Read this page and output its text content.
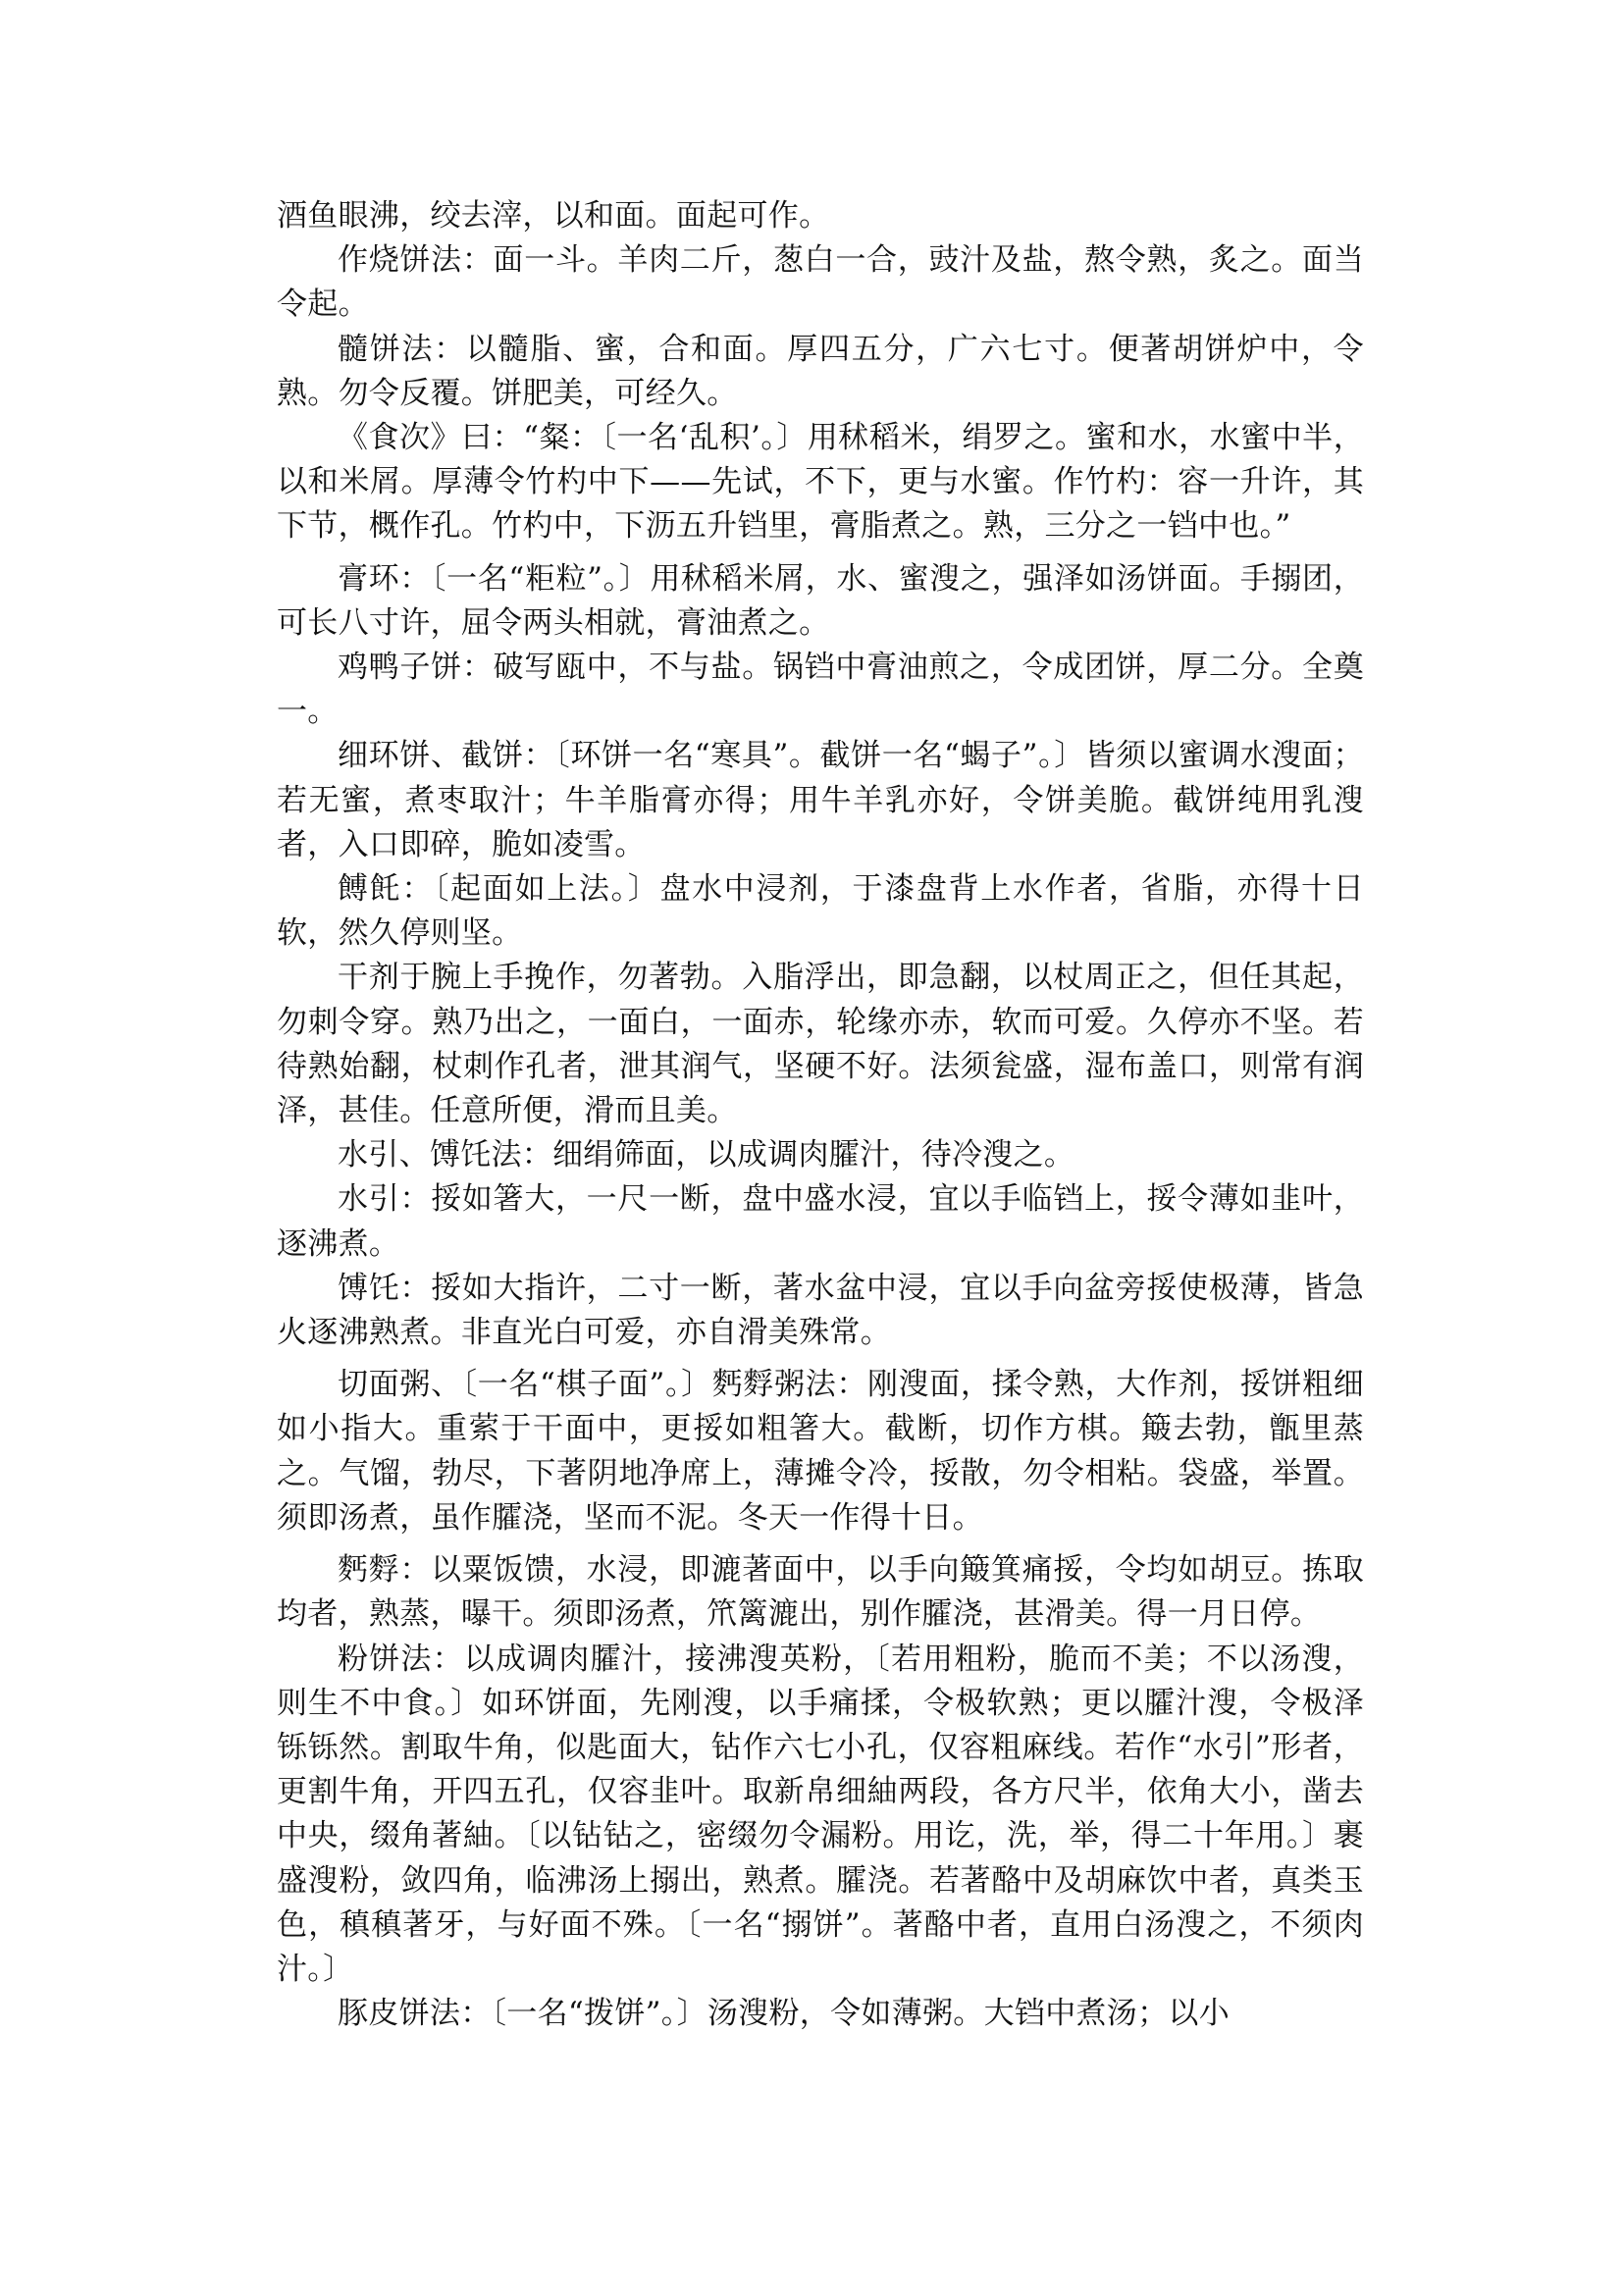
酒鱼眼沸，绞去滓，以和面。面起可作。

作烧饼法：面一斗。羊肉二斤，葱白一合，豉汁及盐，熬令熟，炙之。面当令起。

髓饼法：以髓脂、蜜，合和面。厚四五分，广六七寸。便著胡饼炉中，令熟。勿令反覆。饼肥美，可经久。

《食次》曰：“粲：〔一名‘乱积’。〕用秫稻米，绢罗之。蜜和水，水蜜中半，以和米屑。厚薄令竹杓中下——先试，不下，更与水蜜。作竹杓：容一升许，其下节，概作孔。竹杓中，下沥五升铛里，膏脂煮之。熟，三分之一铛中也。”

膏环：〔一名“粔粒”。〕用秫稻米屑，水、蜜溲之，强泽如汤饼面。手搦团，可长八寸许，屈令两头相就，膏油煮之。

鸡鸭子饼：破写瓯中，不与盐。锅铛中膏油煎之，令成团饼，厚二分。全奠一。

细环饼、截饼：〔环饼一名“寒具”。截饼一名“蝎子”。〕皆须以蜜调水溲面；若无蜜，煮枣取汁；牛羊脂膏亦得；用牛羊乳亦好，令饼美脆。截饼纯用乳溲者，入口即碎，脆如凌雪。

餺飥：〔起面如上法。〕盘水中浸剂，于漆盘背上水作者，省脂，亦得十日软，然久停则坚。

干剂于腕上手挽作，勿著勃。入脂浮出，即急翻，以杖周正之，但任其起，勿刺令穿。熟乃出之，一面白，一面赤，轮缘亦赤，软而可爱。久停亦不坚。若待熟始翻，杖刺作孔者，泄其润气，坚硬不好。法须瓮盛，湿布盖口，则常有润泽，甚佳。任意所便，滑而且美。

水引、馎饦法：细绢筛面，以成调肉臛汁，待冷溲之。

水引：挼如箸大，一尺一断，盘中盛水浸，宜以手临铛上，挼令薄如韭叶，逐沸煮。

馎饦：挼如大指许，二寸一断，著水盆中浸，宜以手向盆旁挼使极薄，皆急火逐沸熟煮。非直光白可爱，亦自滑美殊常。

切面粥、〔一名“棋子面”。〕麫䴸粥法：刚溲面，揉令熟，大作剂，挼饼粗细如小指大。重萦于干面中，更挼如粗箸大。截断，切作方棋。簸去勃，甑里蒸之。气馏，勃尽，下著阴地净席上，薄摊令冷，挼散，勿令相粘。袋盛，举置。须即汤煮，虽作臛浇，坚而不泥。冬天一作得十日。

麫䴸：以粟饭馈，水浸，即漉著面中，以手向簸箕痛挼，令均如胡豆。拣取均者，熟蒸，曝干。须即汤煮，笊篱漉出，别作臛浇，甚滑美。得一月日停。

粉饼法：以成调肉臛汁，接沸溲英粉，〔若用粗粉，脆而不美；不以汤溲，则生不中食。〕如环饼面，先刚溲，以手痛揉，令极软熟；更以臛汁溲，令极泽铄铄然。割取牛角，似匙面大，钻作六七小孔，仅容粗麻线。若作“水引”形者，更割牛角，开四五孔，仅容韭叶。取新帛细紬两段，各方尺半，依角大小，凿去中央，缀角著紬。〔以钻钻之，密缀勿令漏粉。用讫，洗，举，得二十年用。〕裹盛溲粉，敛四角，临沸汤上搦出，熟煮。臛浇。若著酪中及胡麻饮中者，真类玉色，稹稹著牙，与好面不殊。〔一名“搦饼”。著酪中者，直用白汤溲之，不须肉汁。〕

豚皮饼法：〔一名“拨饼”。〕汤溲粉，令如薄粥。大铛中煮汤；以小
